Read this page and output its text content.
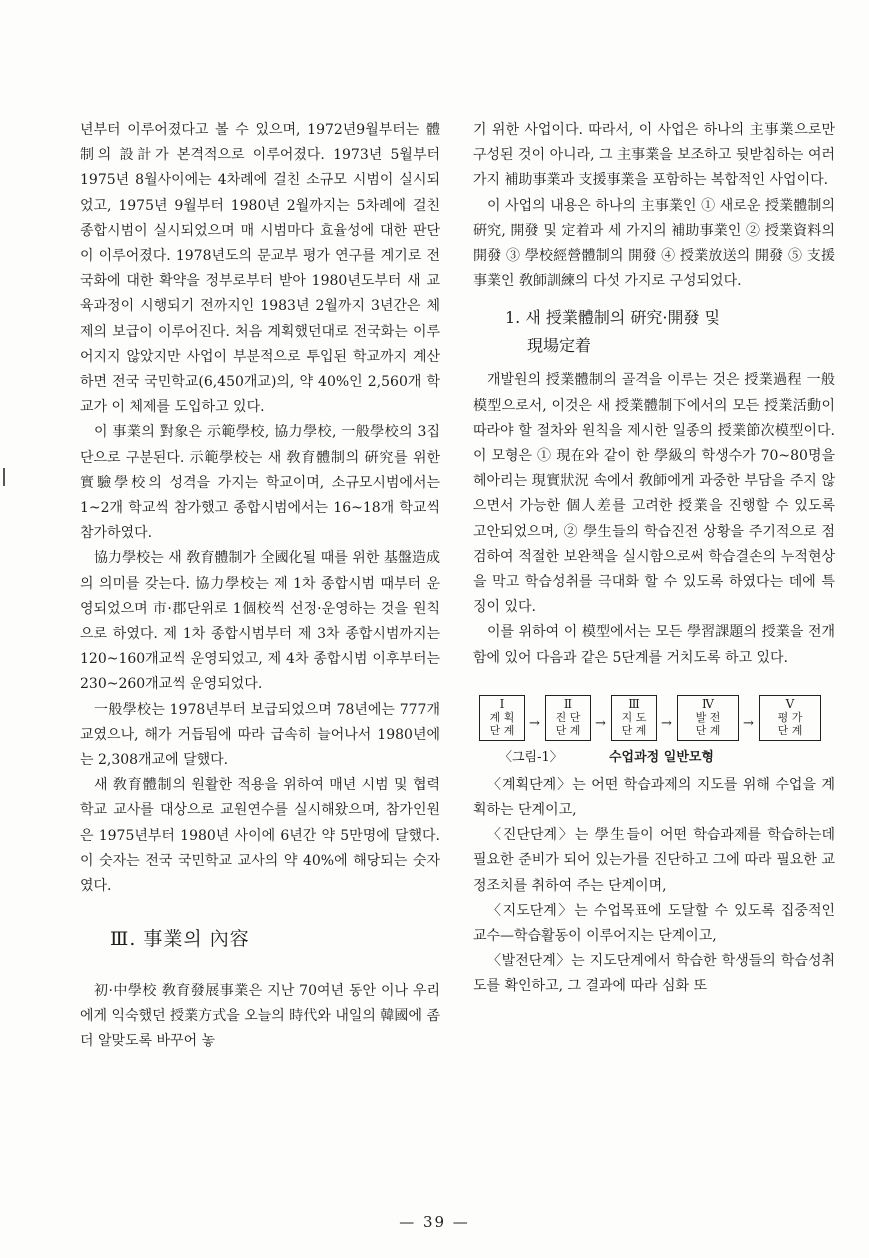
년부터 이루어졌다고 볼 수 있으며, 1972년9월부터는 體制의 設計가 본격적으로 이루어졌다. 1973년 5월부터 1975년 8월사이에는 4차례에 걸친 소규모 시범이 실시되었고, 1975년 9월부터 1980년 2월까지는 5차례에 걸친 종합시범이 실시되었으며 매 시범마다 효율성에 대한 판단이 이루어졌다. 1978년도의 문교부 평가 연구를 계기로 전국화에 대한 확약을 정부로부터 받아 1980년도부터 새 교육과정이 시행되기 전까지인 1983년 2월까지 3년간은 체제의 보급이 이루어진다. 처음 계획했던대로 전국화는 이루어지지 않았지만 사업이 부분적으로 투입된 학교까지 계산하면 전국 국민학교(6,450개교)의, 약 40%인 2,560개 학교가 이 체제를 도입하고 있다.

이 事業의 對象은 示範學校, 協力學校, 一般學校의 3집단으로 구분된다. 示範學校는 새 敎育體制의 硏究를 위한 實驗學校의 성격을 가지는 학교이며, 소규모시범에서는 1~2개 학교씩 참가했고 종합시범에서는 16~18개 학교씩 참가하였다.

協力學校는 새 敎育體制가 全國化될 때를 위한 基盤造成의 의미를 갖는다. 協力學校는 제 1차 종합시범 때부터 운영되었으며 市·郡단위로 1個校씩 선정·운영하는 것을 원칙으로 하였다. 제 1차 종합시범부터 제 3차 종합시범까지는 120~160개교씩 운영되었고, 제 4차 종합시범 이후부터는 230~260개교씩 운영되었다.

一般學校는 1978년부터 보급되었으며 78년에는 777개교였으나, 해가 거듭됨에 따라 급속히 늘어나서 1980년에는 2,308개교에 달했다.

새 敎育體制의 원활한 적용을 위하여 매년 시범 및 협력학교 교사를 대상으로 교원연수를 실시해왔으며, 참가인원은 1975년부터 1980년 사이에 6년간 약 5만명에 달했다. 이 숫자는 전국 국민학교 교사의 약 40%에 해당되는 숫자였다.

Ⅲ. 事業의 內容

初·中學校 敎育發展事業은 지난 70여년 동안 이나 우리에게 익숙했던 授業方式을 오늘의 時代와 내일의 韓國에 좀 더 알맞도록 바꾸어 놓

기 위한 사업이다. 따라서, 이 사업은 하나의 主事業으로만 구성된 것이 아니라, 그 主事業을 보조하고 뒷받침하는 여러가지 補助事業과 支援事業을 포함하는 복합적인 사업이다.

이 사업의 내용은 하나의 主事業인 ① 새로운 授業體制의 硏究, 開發 및 定着과 세 가지의 補助事業인 ② 授業資料의 開發 ③ 學校經營體制의 開發 ④ 授業放送의 開發 ⑤ 支援事業인 敎師訓練의 다섯 가지로 구성되었다.

1. 새 授業體制의 硏究·開發 및
現場定着

개발원의 授業體制의 골격을 이루는 것은 授業過程 一般模型으로서, 이것은 새 授業體制下에서의 모든 授業活動이 따라야 할 절차와 원칙을 제시한 일종의 授業節次模型이다. 이 모형은 ① 現在와 같이 한 學級의 학생수가 70~80명을 헤아리는 現實狀況 속에서 敎師에게 과중한 부담을 주지 않으면서 가능한 個人差를 고려한 授業을 진행할 수 있도록 고안되었으며, ② 學生들의 학습진전 상황을 주기적으로 점검하여 적절한 보완책을 실시함으로써 학습결손의 누적현상을 막고 학습성취를 극대화 할 수 있도록 하였다는 데에 특징이 있다.

이를 위하여 이 模型에서는 모든 學習課題의 授業을 전개함에 있어 다음과 같은 5단계를 거치도록 하고 있다.

I
계 획
단 계	→
Ⅱ
진 단
단 계	→
Ⅲ
지 도
단 계	→
Ⅳ
발 전
단 계	→
V
평 가
단 계
〈그림-1〉	수업과정 일반모형

〈계획단계〉는 어떤 학습과제의 지도를 위해 수업을 계획하는 단계이고,

〈진단단계〉는 學生들이 어떤 학습과제를 학습하는데 필요한 준비가 되어 있는가를 진단하고 그에 따라 필요한 교정조치를 취하여 주는 단계이며,

〈지도단계〉는 수업목표에 도달할 수 있도록 집중적인 교수—학습활동이 이루어지는 단계이고,

〈발전단계〉는 지도단계에서 학습한 학생들의 학습성취도를 확인하고, 그 결과에 따라 심화 또

— 39 —
